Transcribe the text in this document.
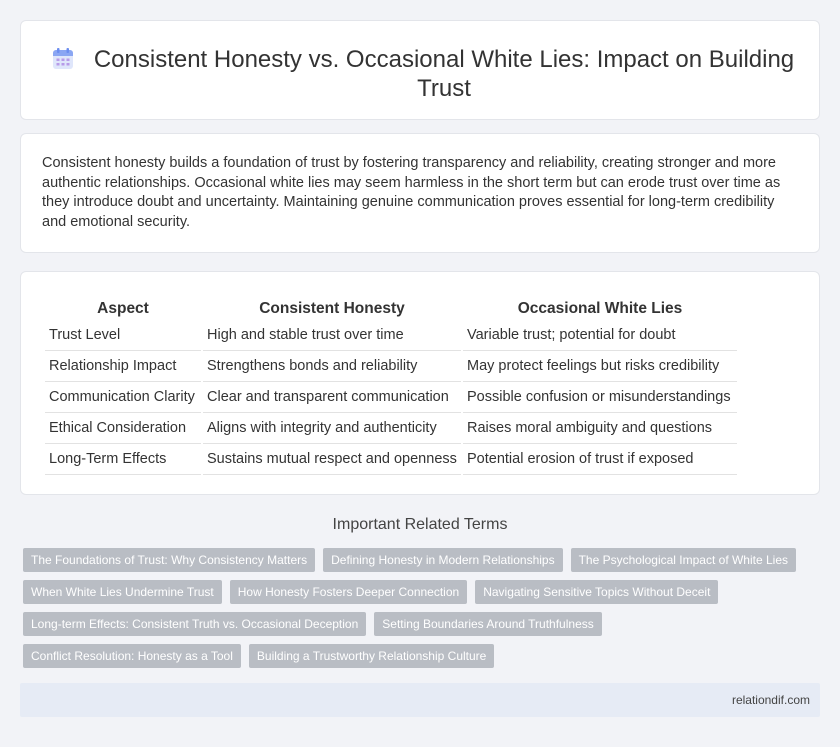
Consistent Honesty vs. Occasional White Lies: Impact on Building Trust

Consistent honesty builds a foundation of trust by fostering transparency and reliability, creating stronger and more authentic relationships. Occasional white lies may seem harmless in the short term but can erode trust over time as they introduce doubt and uncertainty. Maintaining genuine communication proves essential for long-term credibility and emotional security.

Aspect	Consistent Honesty	Occasional White Lies
Trust Level	High and stable trust over time	Variable trust; potential for doubt
Relationship Impact	Strengthens bonds and reliability	May protect feelings but risks credibility
Communication Clarity	Clear and transparent communication	Possible confusion or misunderstandings
Ethical Consideration	Aligns with integrity and authenticity	Raises moral ambiguity and questions
Long-Term Effects	Sustains mutual respect and openness	Potential erosion of trust if exposed
Important Related Terms
The Foundations of Trust: Why Consistency Matters	Defining Honesty in Modern Relationships	The Psychological Impact of White Lies
When White Lies Undermine Trust	How Honesty Fosters Deeper Connection	Navigating Sensitive Topics Without Deceit
Long-term Effects: Consistent Truth vs. Occasional Deception	Setting Boundaries Around Truthfulness
Conflict Resolution: Honesty as a Tool	Building a Trustworthy Relationship Culture
relationdif.com
